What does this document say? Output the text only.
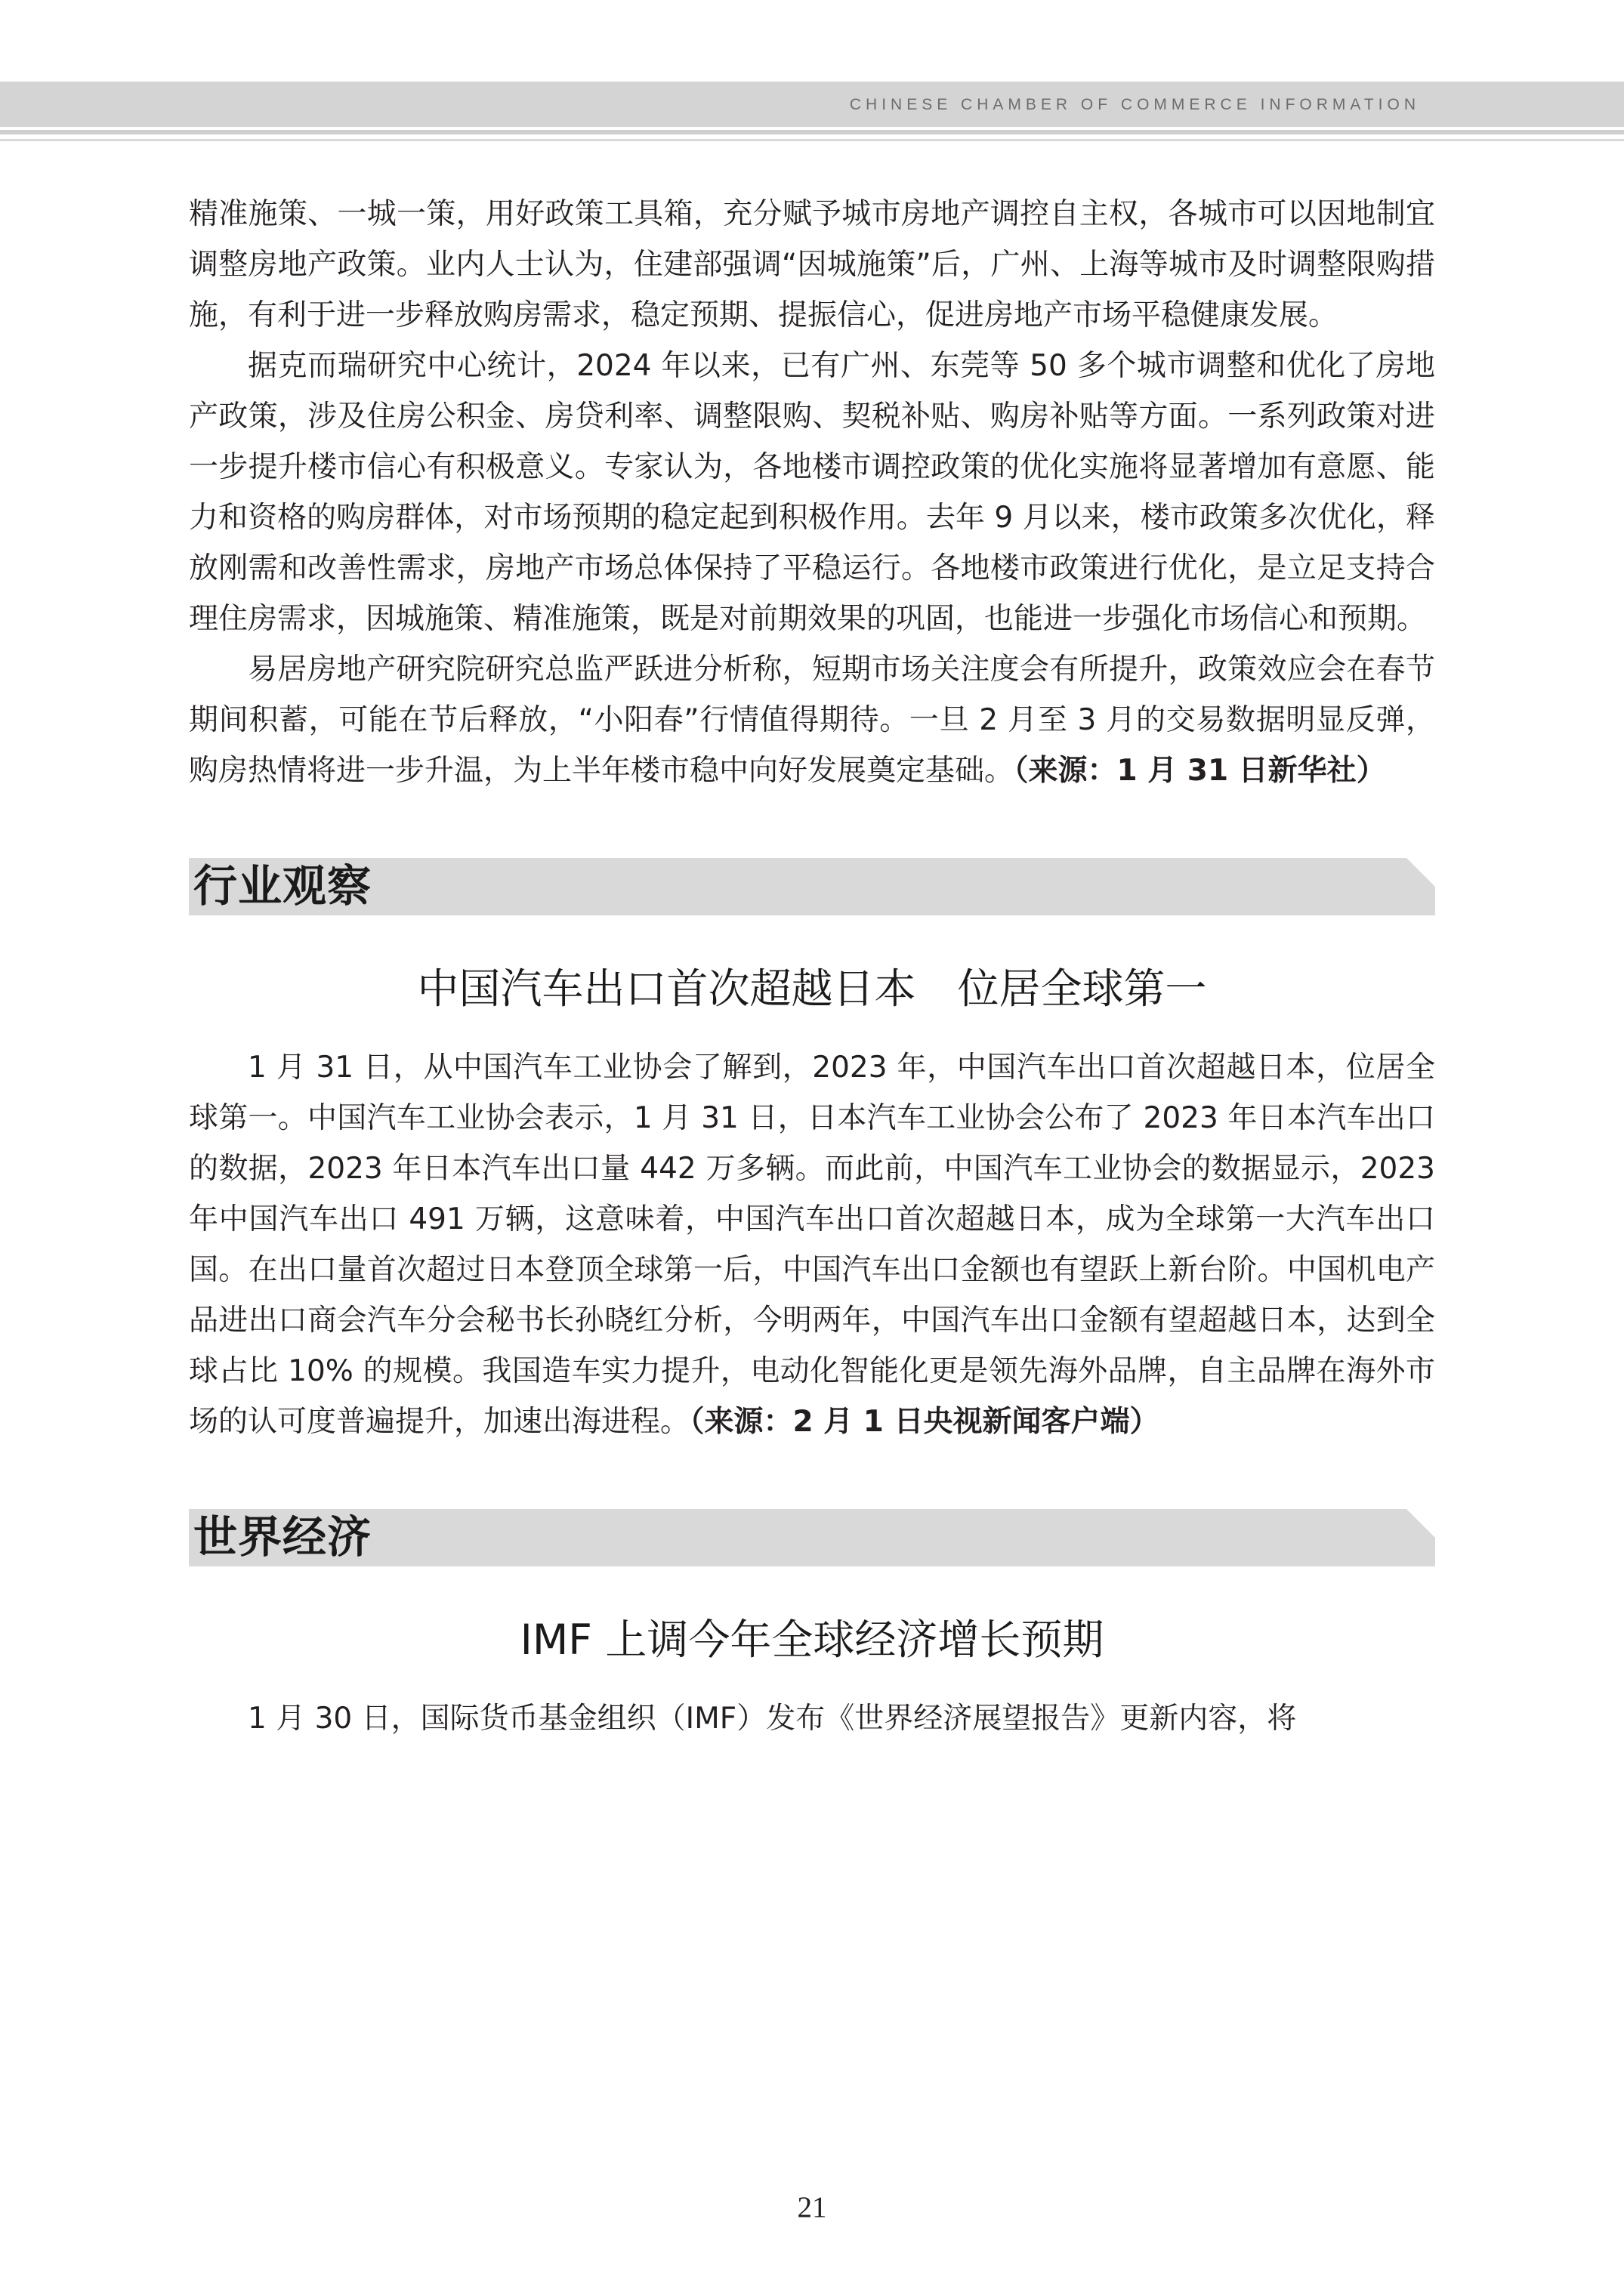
CHINESE CHAMBER OF COMMERCE INFORMATION

精准施策、一城一策，用好政策工具箱，充分赋予城市房地产调控自主权，各城市可以因地制宜调整房地产政策。业内人士认为，住建部强调“因城施策”后，广州、上海等城市及时调整限购措施，有利于进一步释放购房需求，稳定预期、提振信心，促进房地产市场平稳健康发展。

据克而瑞研究中心统计，2024 年以来，已有广州、东莞等 50 多个城市调整和优化了房地产政策，涉及住房公积金、房贷利率、调整限购、契税补贴、购房补贴等方面。一系列政策对进一步提升楼市信心有积极意义。专家认为，各地楼市调控政策的优化实施将显著增加有意愿、能力和资格的购房群体，对市场预期的稳定起到积极作用。去年 9 月以来，楼市政策多次优化，释放刚需和改善性需求，房地产市场总体保持了平稳运行。各地楼市政策进行优化，是立足支持合理住房需求，因城施策、精准施策，既是对前期效果的巩固，也能进一步强化市场信心和预期。

易居房地产研究院研究总监严跃进分析称，短期市场关注度会有所提升，政策效应会在春节期间积蓄，可能在节后释放，“小阳春”行情值得期待。一旦 2 月至 3 月的交易数据明显反弹，购房热情将进一步升温，为上半年楼市稳中向好发展奠定基础。（来源：1 月 31 日新华社）

行业观察
中国汽车出口首次超越日本　位居全球第一

1 月 31 日，从中国汽车工业协会了解到，2023 年，中国汽车出口首次超越日本，位居全球第一。中国汽车工业协会表示，1 月 31 日，日本汽车工业协会公布了 2023 年日本汽车出口的数据，2023 年日本汽车出口量 442 万多辆。而此前，中国汽车工业协会的数据显示，2023 年中国汽车出口 491 万辆，这意味着，中国汽车出口首次超越日本，成为全球第一大汽车出口国。在出口量首次超过日本登顶全球第一后，中国汽车出口金额也有望跃上新台阶。中国机电产品进出口商会汽车分会秘书长孙晓红分析，今明两年，中国汽车出口金额有望超越日本，达到全球占比 10% 的规模。我国造车实力提升，电动化智能化更是领先海外品牌，自主品牌在海外市场的认可度普遍提升，加速出海进程。（来源：2 月 1 日央视新闻客户端）

世界经济
IMF 上调今年全球经济增长预期

1 月 30 日，国际货币基金组织（IMF）发布《世界经济展望报告》更新内容，将

21
